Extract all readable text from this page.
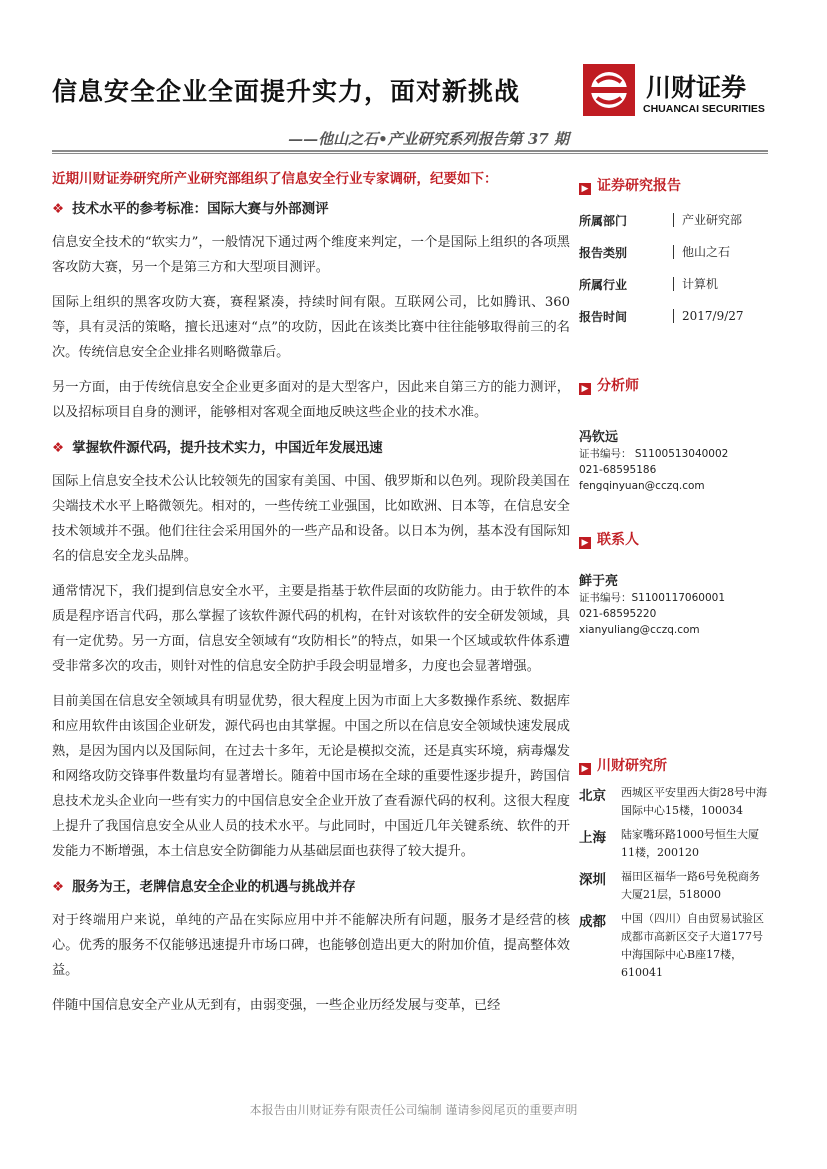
信息安全企业全面提升实力，面对新挑战
——他山之石•产业研究系列报告第 37 期
川财证券
CHUANCAI SECURITIES
近期川财证券研究所产业研究部组织了信息安全行业专家调研，纪要如下：
❖ 技术水平的参考标准：国际大赛与外部测评

信息安全技术的“软实力”，一般情况下通过两个维度来判定，一个是国际上组织的各项黑客攻防大赛，另一个是第三方和大型项目测评。

国际上组织的黑客攻防大赛，赛程紧凑，持续时间有限。互联网公司，比如腾讯、360 等，具有灵活的策略，擅长迅速对“点”的攻防，因此在该类比赛中往往能够取得前三的名次。传统信息安全企业排名则略微靠后。

另一方面，由于传统信息安全企业更多面对的是大型客户，因此来自第三方的能力测评，以及招标项目自身的测评，能够相对客观全面地反映这些企业的技术水准。

❖ 掌握软件源代码，提升技术实力，中国近年发展迅速

国际上信息安全技术公认比较领先的国家有美国、中国、俄罗斯和以色列。现阶段美国在尖端技术水平上略微领先。相对的，一些传统工业强国，比如欧洲、日本等，在信息安全技术领域并不强。他们往往会采用国外的一些产品和设备。以日本为例，基本没有国际知名的信息安全龙头品牌。

通常情况下，我们提到信息安全水平，主要是指基于软件层面的攻防能力。由于软件的本质是程序语言代码，那么掌握了该软件源代码的机构，在针对该软件的安全研发领域，具有一定优势。另一方面，信息安全领域有“攻防相长”的特点，如果一个区域或软件体系遭受非常多次的攻击，则针对性的信息安全防护手段会明显增多，力度也会显著增强。

目前美国在信息安全领域具有明显优势，很大程度上因为市面上大多数操作系统、数据库和应用软件由该国企业研发，源代码也由其掌握。中国之所以在信息安全领域快速发展成熟，是因为国内以及国际间，在过去十多年，无论是模拟交流，还是真实环境，病毒爆发和网络攻防交锋事件数量均有显著增长。随着中国市场在全球的重要性逐步提升，跨国信息技术龙头企业向一些有实力的中国信息安全企业开放了查看源代码的权利。这很大程度上提升了我国信息安全从业人员的技术水平。与此同时，中国近几年关键系统、软件的开发能力不断增强，本土信息安全防御能力从基础层面也获得了较大提升。

❖ 服务为王，老牌信息安全企业的机遇与挑战并存

对于终端用户来说，单纯的产品在实际应用中并不能解决所有问题，服务才是经营的核心。优秀的服务不仅能够迅速提升市场口碑，也能够创造出更大的附加价值，提高整体效益。

伴随中国信息安全产业从无到有，由弱变强，一些企业历经发展与变革，已经

▶ 证券研究报告
所属部门	产业研究部
报告类别	他山之石
所属行业	计算机
报告时间	2017/9/27
▶ 分析师
冯钦远
证书编号： S1100513040002
021-68595186
fengqinyuan@cczq.com
▶ 联系人
鲜于亮
证书编号：S1100117060001
021-68595220
xianyuliang@cczq.com
▶ 川财研究所
北京	西城区平安里西大街28号中海国际中心15楼，100034
上海	陆家嘴环路1000号恒生大厦11楼，200120
深圳	福田区福华一路6号免税商务大厦21层，518000
成都	中国（四川）自由贸易试验区成都市高新区交子大道177号中海国际中心B座17楼，610041
本报告由川财证券有限责任公司编制 谨请参阅尾页的重要声明
